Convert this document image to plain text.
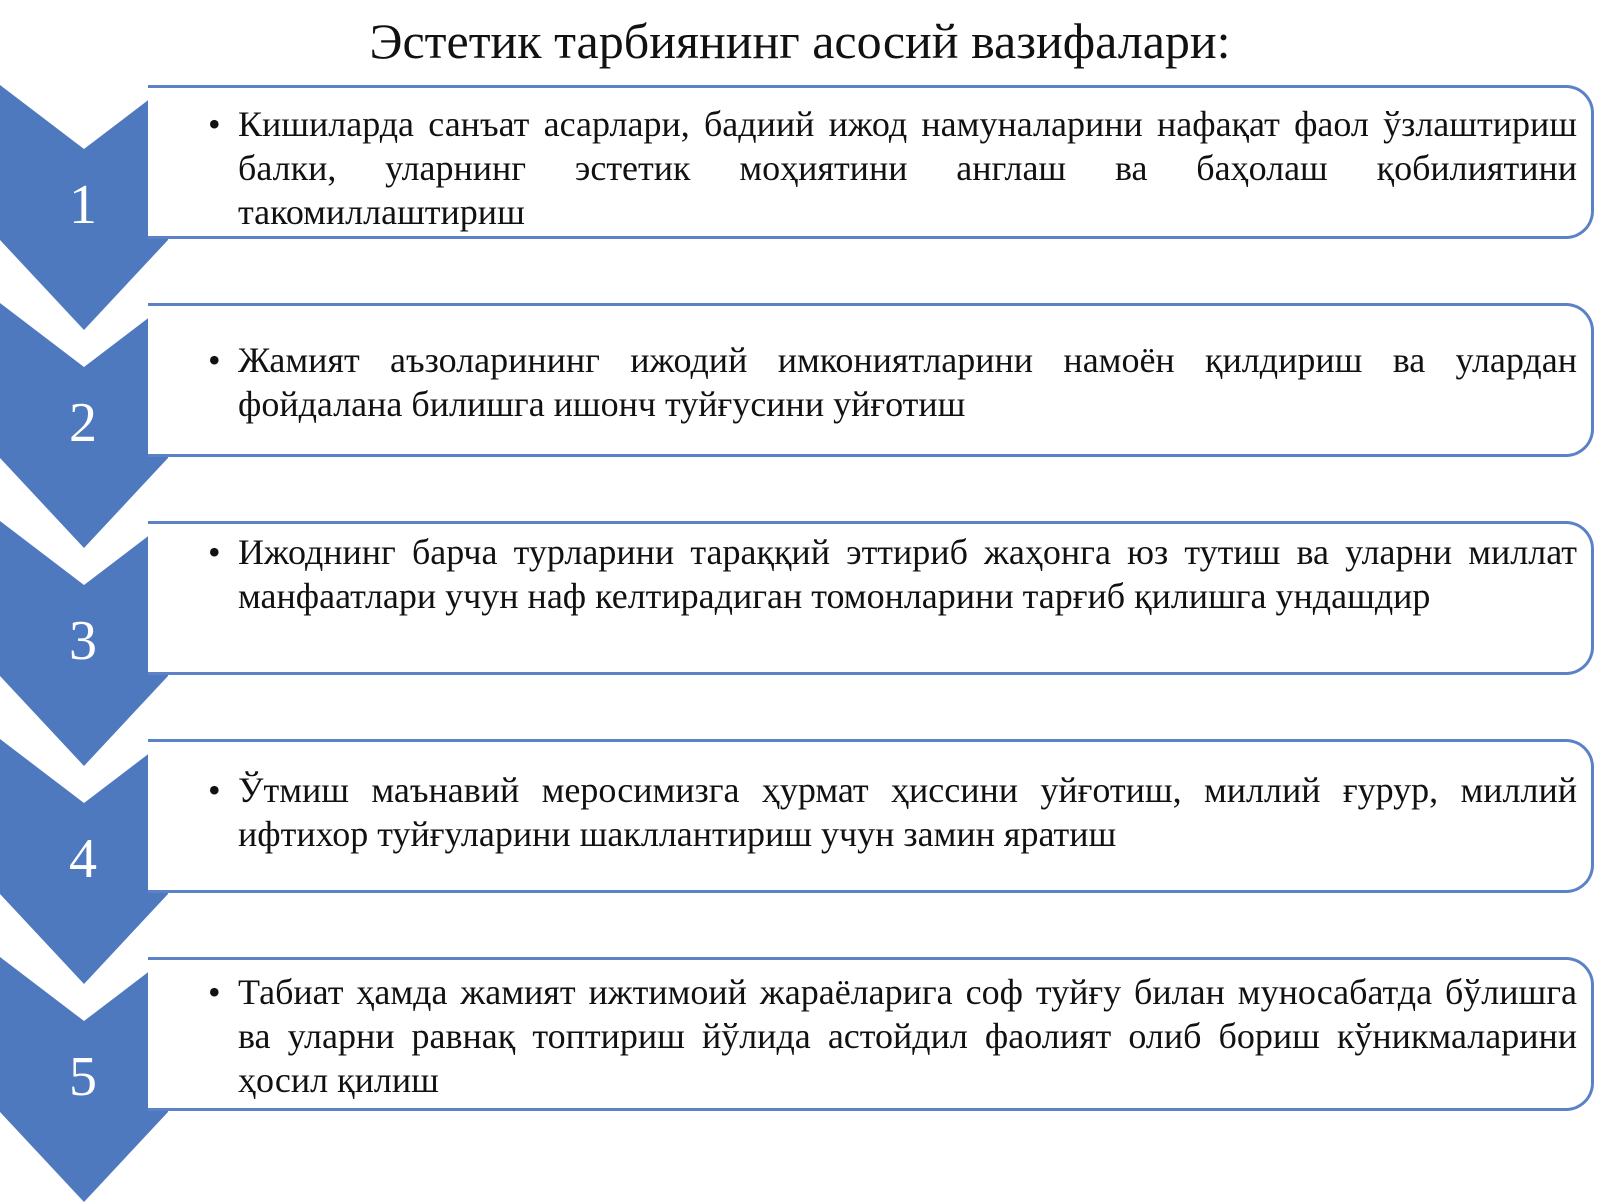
Эстетик тарбиянинг асосий вазифалари:
1
• Кишиларда санъат асарлари, бадиий ижод намуналарини нафақат фаол ўзлаштириш балки, уларнинг эстетик моҳиятини англаш ва баҳолаш қобилиятини такомиллаштириш
2
• Жамият аъзоларининг ижодий имкониятларини намоён қилдириш ва улардан фойдалана билишга ишонч туйғусини уйғотиш
3
• Ижоднинг барча турларини тараққий эттириб жаҳонга юз тутиш ва уларни миллат манфаатлари учун наф келтирадиган томонларини тарғиб қилишга ундашдир
4
• Ўтмиш маънавий меросимизга ҳурмат ҳиссини уйғотиш, миллий ғурур, миллий ифтихор туйғуларини шакллантириш учун замин яратиш
5
• Табиат ҳамда жамият ижтимоий жараёларига соф туйғу билан муносабатда бўлишга ва уларни равнақ топтириш йўлида астойдил фаолият олиб бориш кўникмаларини ҳосил қилиш
